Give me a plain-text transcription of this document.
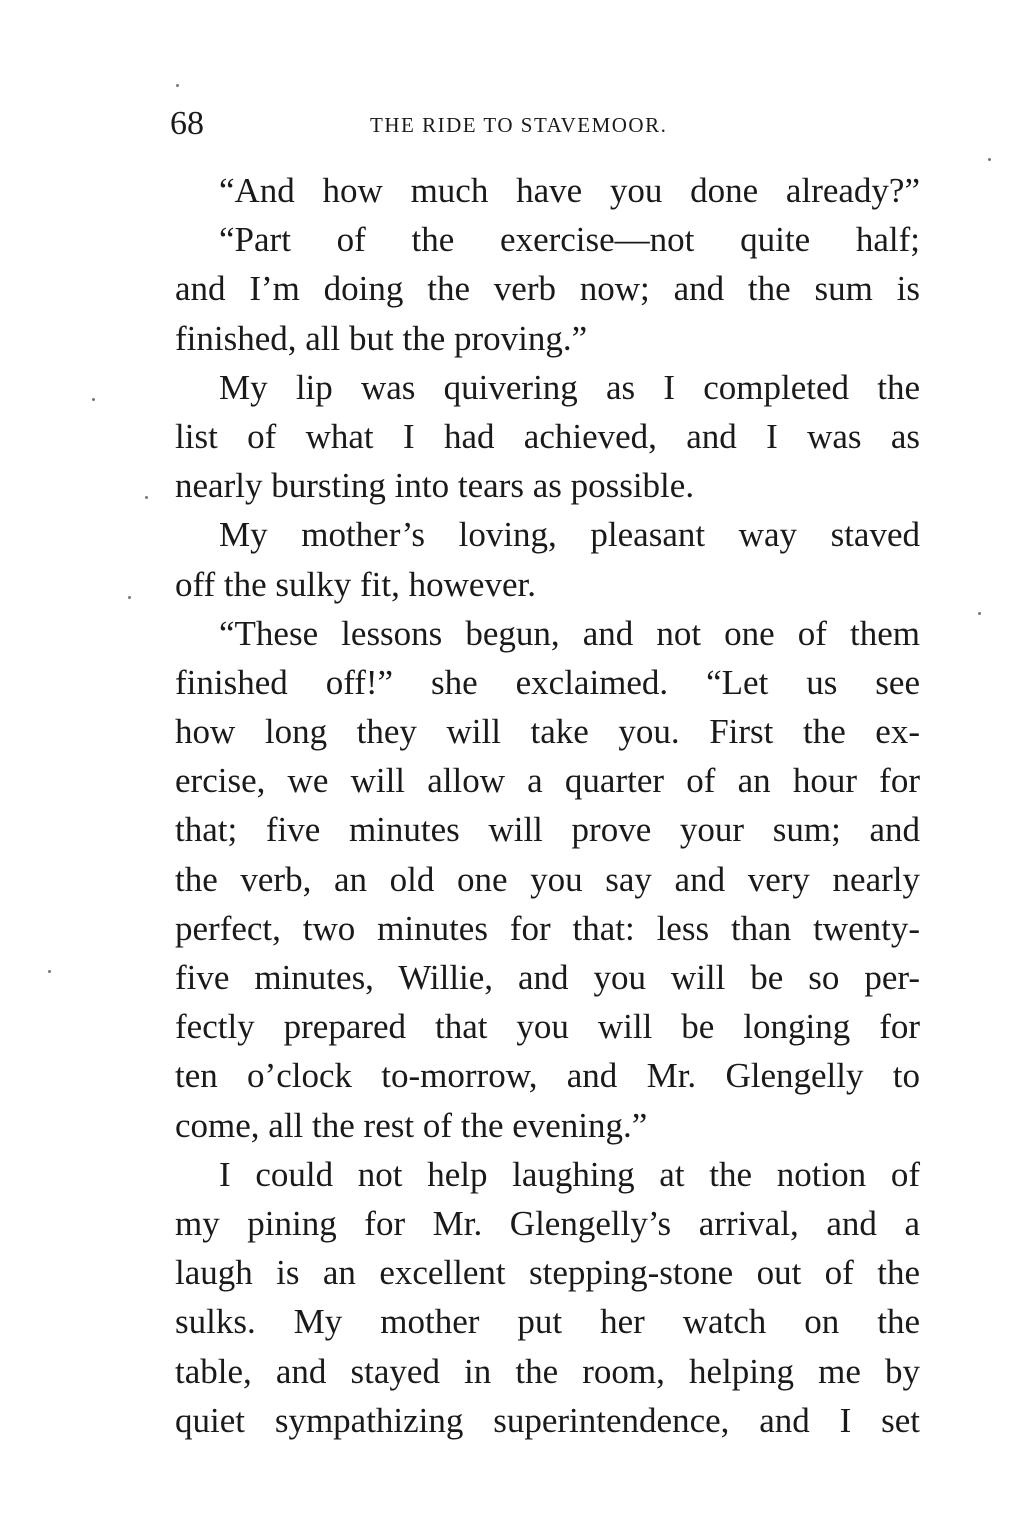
68	THE RIDE TO STAVEMOOR.
“And how much have you done already?”
“Part of the exercise—not quite half;
and I’m doing the verb now; and the sum is
finished, all but the proving.”
My lip was quivering as I completed the
list of what I had achieved, and I was as
nearly bursting into tears as possible.
My mother’s loving, pleasant way staved
off the sulky fit, however.
“These lessons begun, and not one of them
finished off!” she exclaimed. “Let us see
how long they will take you. First the ex-
ercise, we will allow a quarter of an hour for
that; five minutes will prove your sum; and
the verb, an old one you say and very nearly
perfect, two minutes for that: less than twenty-
five minutes, Willie, and you will be so per-
fectly prepared that you will be longing for
ten o’clock to-morrow, and Mr. Glengelly to
come, all the rest of the evening.”
I could not help laughing at the notion of
my pining for Mr. Glengelly’s arrival, and a
laugh is an excellent stepping-stone out of the
sulks. My mother put her watch on the
table, and stayed in the room, helping me by
quiet sympathizing superintendence, and I set
